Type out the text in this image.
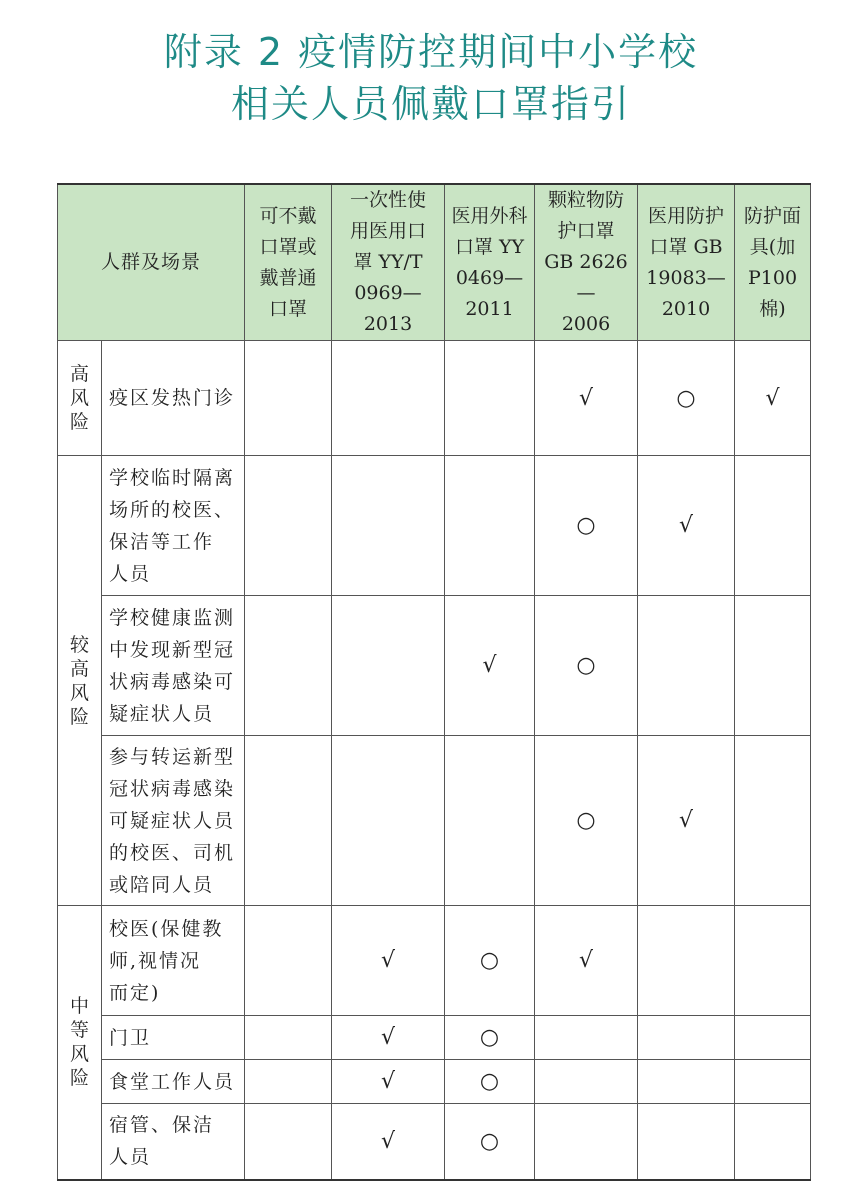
附录 2 疫情防控期间中小学校
相关人员佩戴口罩指引
人群及场景		可不戴
口罩或
戴普通
口罩	一次性使
用医用口
罩 YY/T
0969—2013	医用外科
口罩 YY
0469—
2011	颗粒物防
护口罩
GB 2626—
2006	医用防护
口罩 GB
19083—
2010	防护面
具(加
P100
棉)

高
风
险	疫区发热门诊				√	○	√

较
高
风
险	学校临时隔离
场所的校医、
保洁等工作
人员				○	√	
	学校健康监测
中发现新型冠
状病毒感染可
疑症状人员			√	○		
	参与转运新型
冠状病毒感染
可疑症状人员
的校医、司机
或陪同人员				○	√	

中
等
风
险	校医(保健教
师,视情况
而定)		√	○	√		
	门卫		√	○			
	食堂工作人员		√	○			
	宿管、保洁
人员		√	○			
